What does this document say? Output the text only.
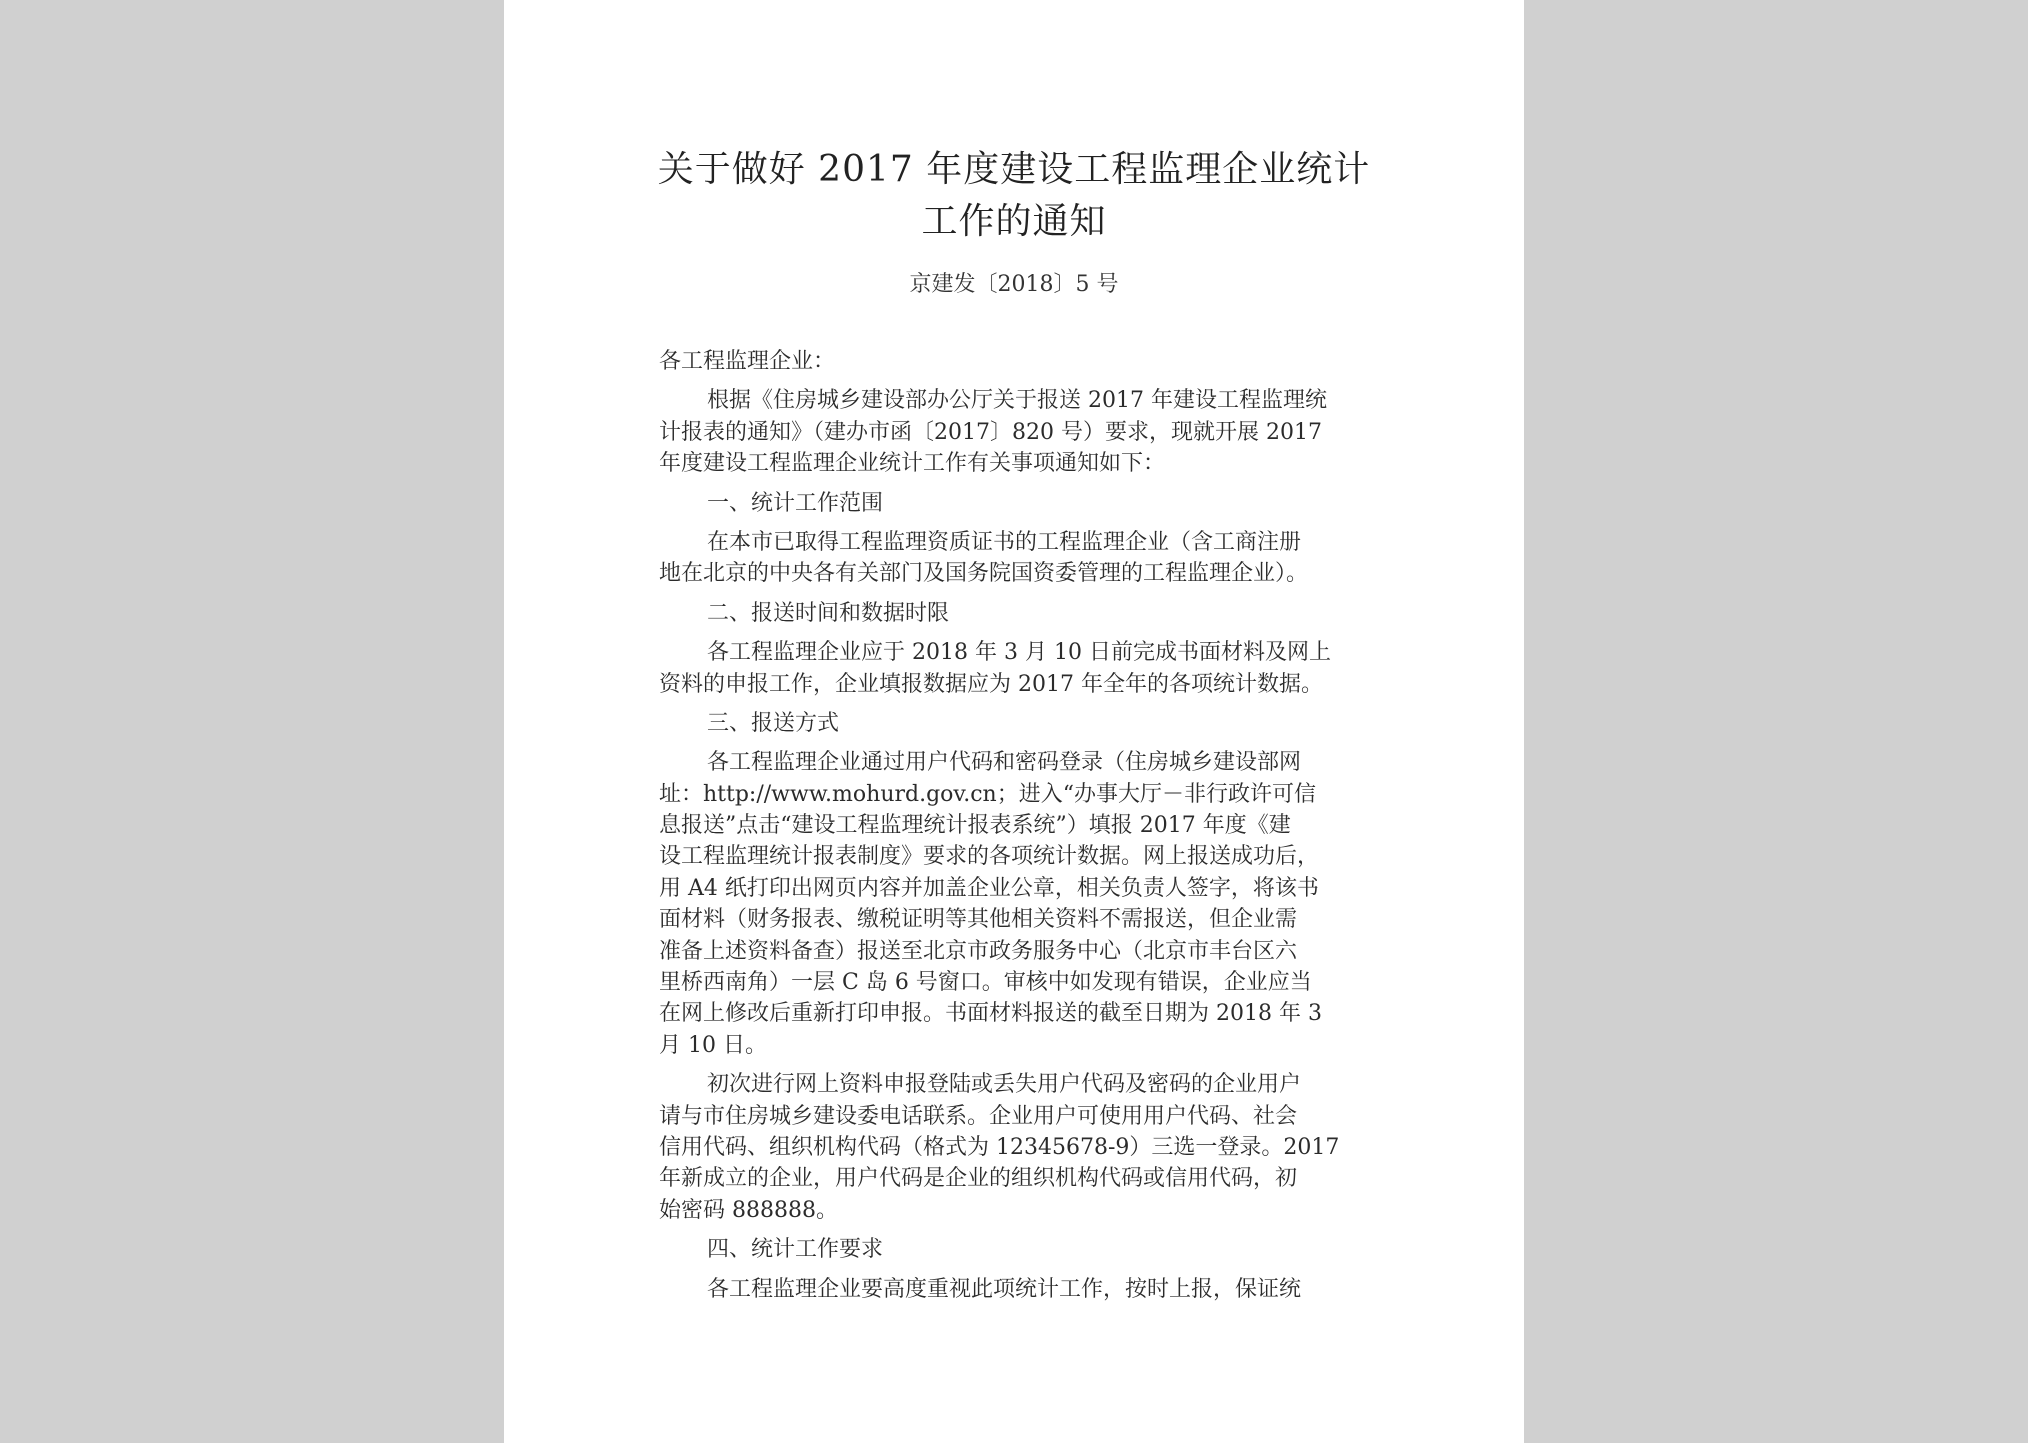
关于做好 2017 年度建设工程监理企业统计
工作的通知
京建发〔2018〕5 号
各工程监理企业：
根据《住房城乡建设部办公厅关于报送 2017 年建设工程监理统
计报表的通知》（建办市函〔2017〕820 号）要求，现就开展 2017
年度建设工程监理企业统计工作有关事项通知如下：
一、统计工作范围
在本市已取得工程监理资质证书的工程监理企业（含工商注册
地在北京的中央各有关部门及国务院国资委管理的工程监理企业）。
二、报送时间和数据时限
各工程监理企业应于 2018 年 3 月 10 日前完成书面材料及网上
资料的申报工作，企业填报数据应为 2017 年全年的各项统计数据。
三、报送方式
各工程监理企业通过用户代码和密码登录（住房城乡建设部网
址：http://www.mohurd.gov.cn；进入“办事大厅－非行政许可信
息报送”点击“建设工程监理统计报表系统”）填报 2017 年度《建
设工程监理统计报表制度》要求的各项统计数据。网上报送成功后，
用 A4 纸打印出网页内容并加盖企业公章，相关负责人签字，将该书
面材料（财务报表、缴税证明等其他相关资料不需报送，但企业需
准备上述资料备查）报送至北京市政务服务中心（北京市丰台区六
里桥西南角）一层 C 岛 6 号窗口。审核中如发现有错误，企业应当
在网上修改后重新打印申报。书面材料报送的截至日期为 2018 年 3
月 10 日。
初次进行网上资料申报登陆或丢失用户代码及密码的企业用户
请与市住房城乡建设委电话联系。企业用户可使用用户代码、社会
信用代码、组织机构代码（格式为 12345678-9）三选一登录。2017
年新成立的企业，用户代码是企业的组织机构代码或信用代码，初
始密码 888888。
四、统计工作要求
各工程监理企业要高度重视此项统计工作，按时上报，保证统
